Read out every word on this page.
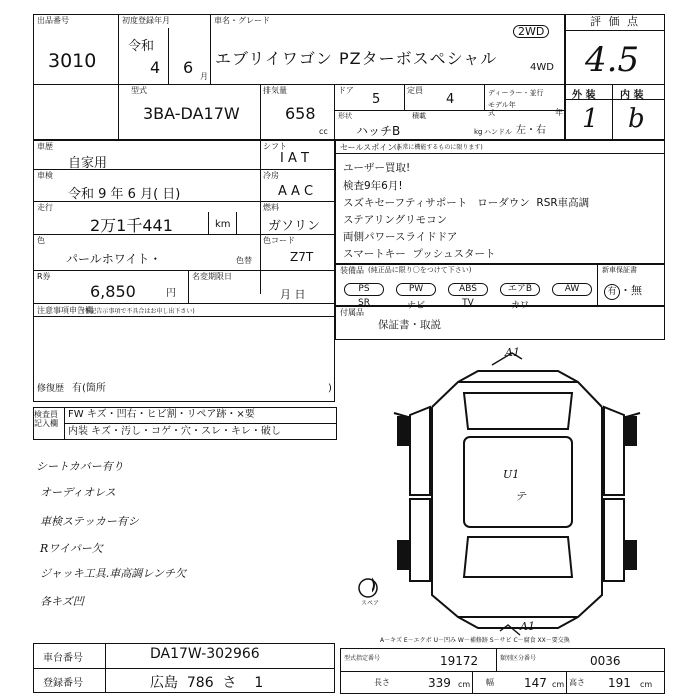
出品番号
3010
初度登録年月
令和
4 6 月
車名・グレード
エブリイワゴン PZターボスペシャル
2WD
4WD
型式
3BA-DA17W
排気量
658
cc
ドア
5
定員
4	ディーラー・並行
モデル年式	年
形状
ハッチB
積載
kg ハンドル 左・右
評 価 点
4.5
外 装 内 装
1 b
車歴
自家用
シフト
I A T
車検
令和 9 年 6 月( 日)
冷房
A A C
走行
2万1千441	km
燃料
ガソリン
色
パールホワイト・	色替
色コード
Z7T
R券
6,850	円
名変期限日
月 日
注意事項申告欄
(下記告示事項で不具合はお申し出下さい)
修復歴 有(箇所	)
検査員記入欄
FW キズ・凹右・ヒビ割・リペア跡・×要
内装 キズ・汚し・コゲ・穴・スレ・キレ・破し
シートカバー有り
オーディオレス
車検ステッカー有シ
Rワイパー欠
ジャッキ工具.車高調レンチ欠
各キズ凹
セールスポイント
(正常に機能するものに限ります)
ユーザー買取!
検査9年6月!
スズキセーフティサポート   ローダウン  RSR車高調
ステアリングリモコン
両側パワースライドドア
スマートキー  プッシュスタート
装備品 (純正品に限り〇をつけて下さい)	新車保証書
有 ・無
PS
SR
PW
ナビ
ABS
TV
エアB
カワ
AW
付属品
保証書・取説
A1
U1
テ
A1
スペア
A－キズ E－エクボ U－凹み W－補修跡 S－サビ C－腐食 XX－要交換
車台番号	DA17W-302966
登録番号	広島  786  さ    1
型式指定番号	19172	類別区分番号	0036
長さ	339 cm 幅	147 cm 高さ 191 cm
